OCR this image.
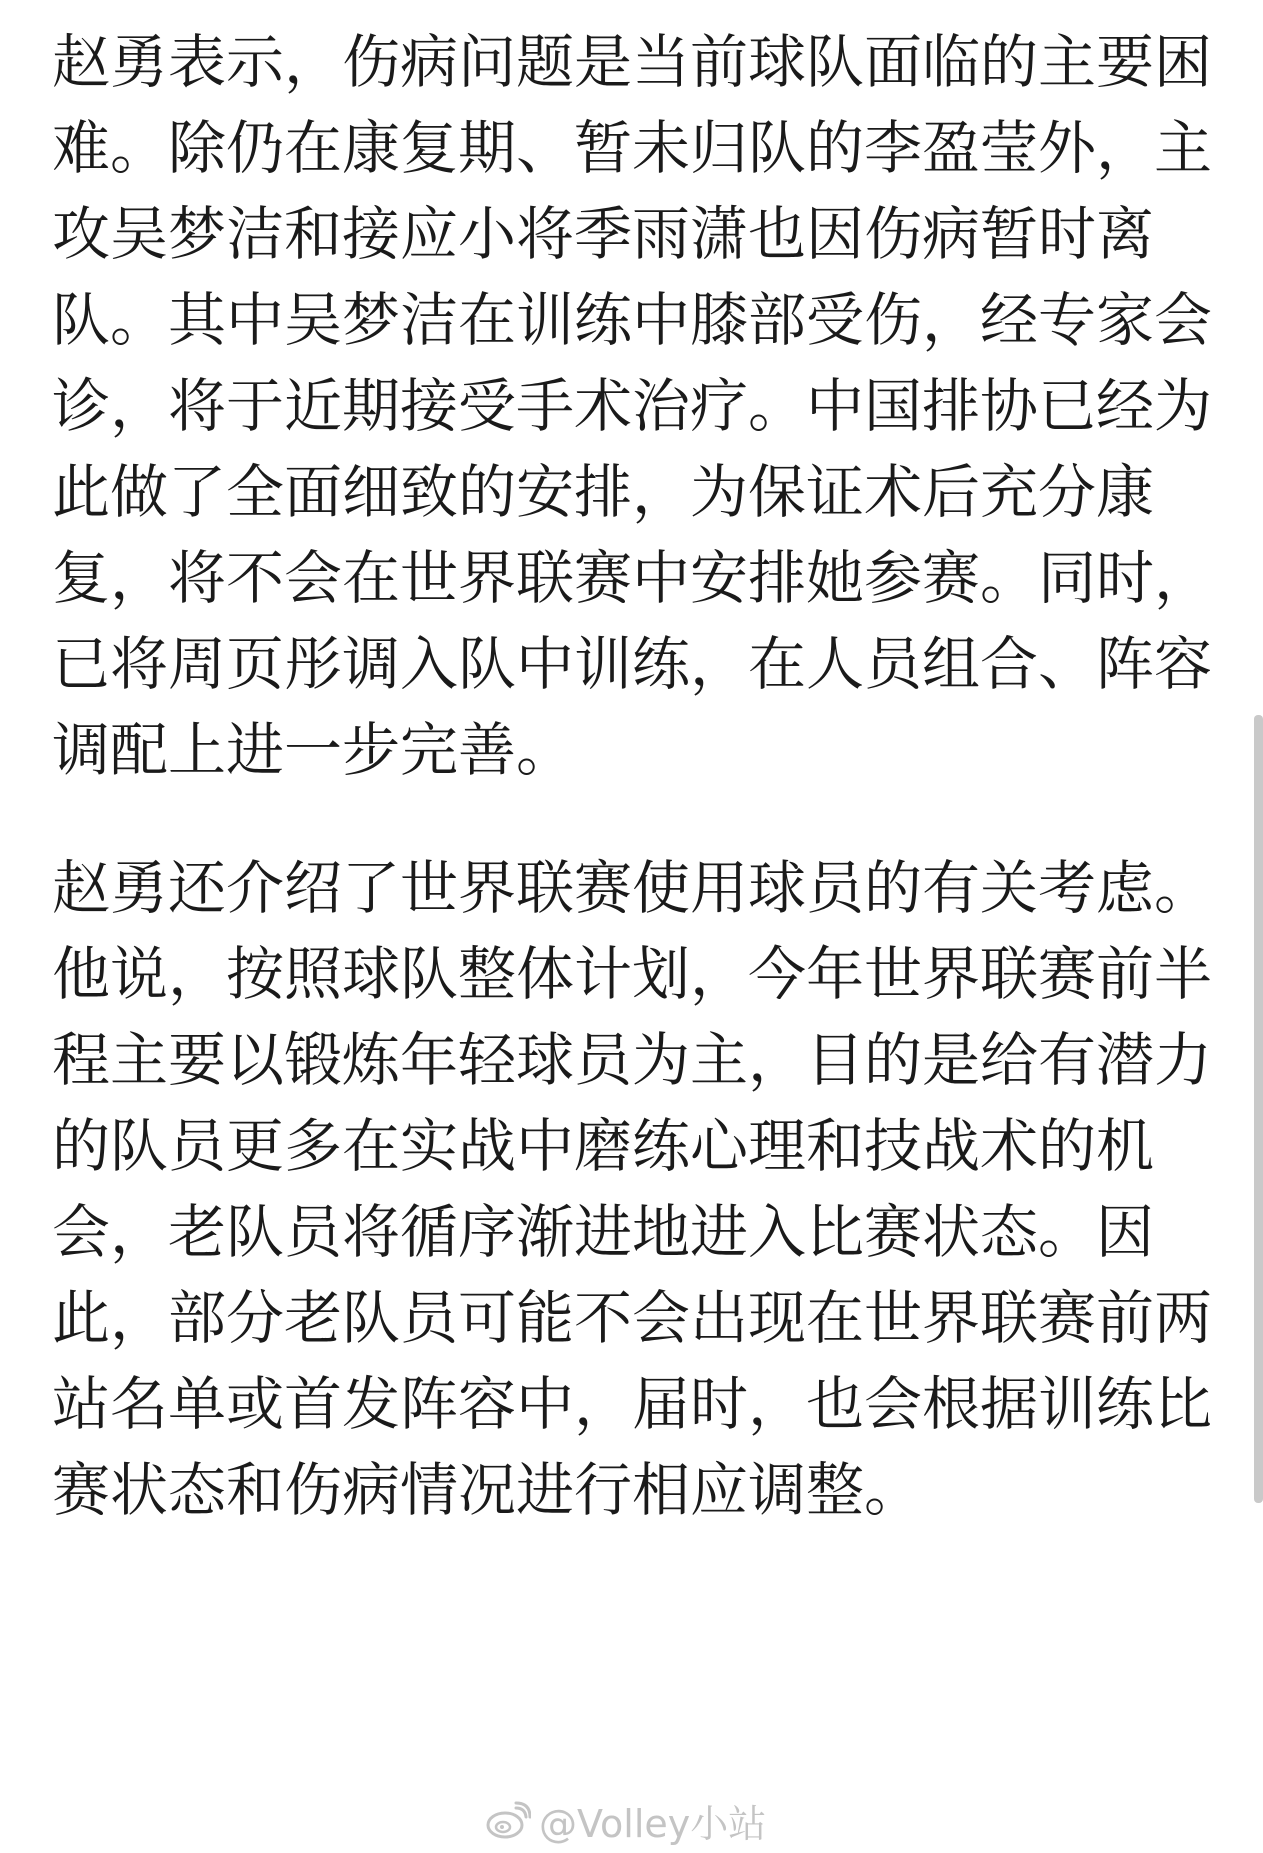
赵勇表示，伤病问题是当前球队面临的主要困
难。除仍在康复期、暂未归队的李盈莹外，主
攻吴梦洁和接应小将季雨潇也因伤病暂时离
队。其中吴梦洁在训练中膝部受伤，经专家会
诊，将于近期接受手术治疗。中国排协已经为
此做了全面细致的安排，为保证术后充分康
复，将不会在世界联赛中安排她参赛。同时，
已将周页彤调入队中训练，在人员组合、阵容
调配上进一步完善。
赵勇还介绍了世界联赛使用球员的有关考虑。
他说，按照球队整体计划，今年世界联赛前半
程主要以锻炼年轻球员为主，目的是给有潜力
的队员更多在实战中磨练心理和技战术的机
会，老队员将循序渐进地进入比赛状态。因
此，部分老队员可能不会出现在世界联赛前两
站名单或首发阵容中，届时，也会根据训练比
赛状态和伤病情况进行相应调整。
@Volley小站
